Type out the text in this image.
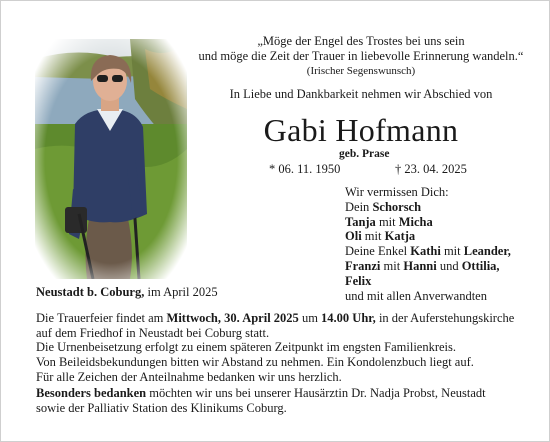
„Möge der Engel des Trostes bei uns sein
und möge die Zeit der Trauer in liebevolle Erinnerung wandeln.“
(Irischer Segenswunsch)
In Liebe und Dankbarkeit nehmen wir Abschied von
Gabi Hofmann
geb. Prase
* 06. 11. 1950	† 23. 04. 2025
Wir vermissen Dich:
Dein Schorsch
Tanja mit Micha
Oli mit Katja
Deine Enkel Kathi mit Leander,
Franzi mit Hanni und Ottilia,
Felix
und mit allen Anverwandten
Neustadt b. Coburg, im April 2025
Die Trauerfeier findet am Mittwoch, 30. April 2025 um 14.00 Uhr, in der Auferstehungskirche
auf dem Friedhof in Neustadt bei Coburg statt.
Die Urnenbeisetzung erfolgt zu einem späteren Zeitpunkt im engsten Familienkreis.
Von Beileidsbekundungen bitten wir Abstand zu nehmen. Ein Kondolenzbuch liegt auf.
Für alle Zeichen der Anteilnahme bedanken wir uns herzlich.
Besonders bedanken möchten wir uns bei unserer Hausärztin Dr. Nadja Probst, Neustadt
sowie der Palliativ Station des Klinikums Coburg.
